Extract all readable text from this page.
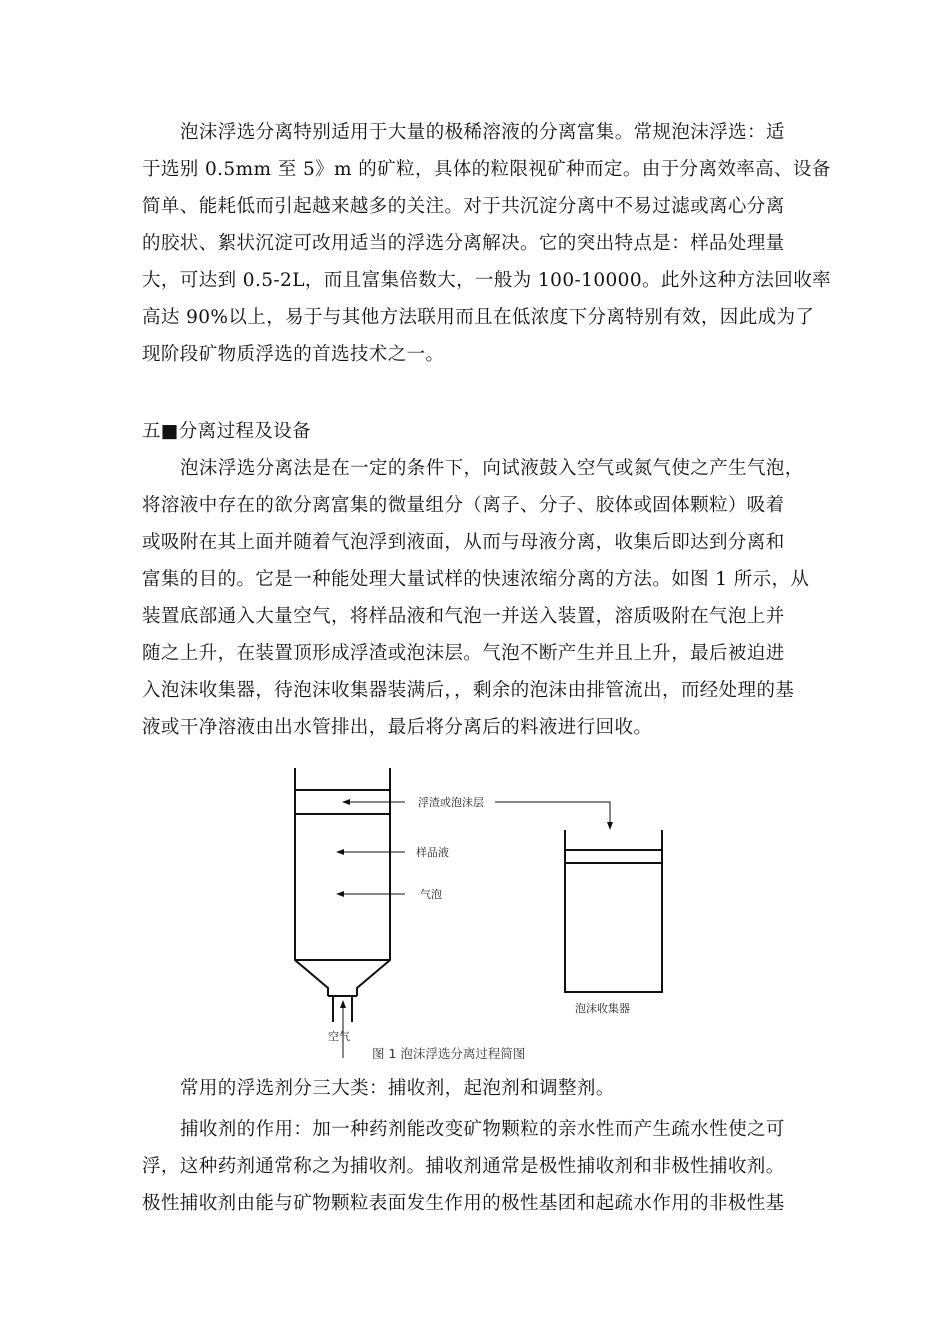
泡沫浮选分离特别适用于大量的极稀溶液的分离富集。常规泡沫浮选：适
于选别 0.5mm 至 5》m 的矿粒，具体的粒限视矿种而定。由于分离效率高、设备
简单、能耗低而引起越来越多的关注。对于共沉淀分离中不易过滤或离心分离
的胶状、絮状沉淀可改用适当的浮选分离解决。它的突出特点是：样品处理量
大，可达到 0.5-2L，而且富集倍数大，一般为 100-10000。此外这种方法回收率
高达 90%以上，易于与其他方法联用而且在低浓度下分离特别有效，因此成为了
现阶段矿物质浮选的首选技术之一。
五■分离过程及设备
泡沫浮选分离法是在一定的条件下，向试液鼓入空气或氮气使之产生气泡，
将溶液中存在的欲分离富集的微量组分（离子、分子、胶体或固体颗粒）吸着
或吸附在其上面并随着气泡浮到液面，从而与母液分离，收集后即达到分离和
富集的目的。它是一种能处理大量试样的快速浓缩分离的方法。如图 1 所示，从
装置底部通入大量空气，将样品液和气泡一并送入装置，溶质吸附在气泡上并
随之上升，在装置顶形成浮渣或泡沫层。气泡不断产生并且上升，最后被迫进
入泡沫收集器，待泡沫收集器装满后，，剩余的泡沫由排管流出，而经处理的基
液或干净溶液由出水管排出，最后将分离后的料液进行回收。
浮渣或泡沫层
样品液
气泡
泡沫收集器
空气
图 1 泡沫浮选分离过程简图
常用的浮选剂分三大类：捕收剂，起泡剂和调整剂。
捕收剂的作用：加一种药剂能改变矿物颗粒的亲水性而产生疏水性使之可
浮，这种药剂通常称之为捕收剂。捕收剂通常是极性捕收剂和非极性捕收剂。
极性捕收剂由能与矿物颗粒表面发生作用的极性基团和起疏水作用的非极性基
